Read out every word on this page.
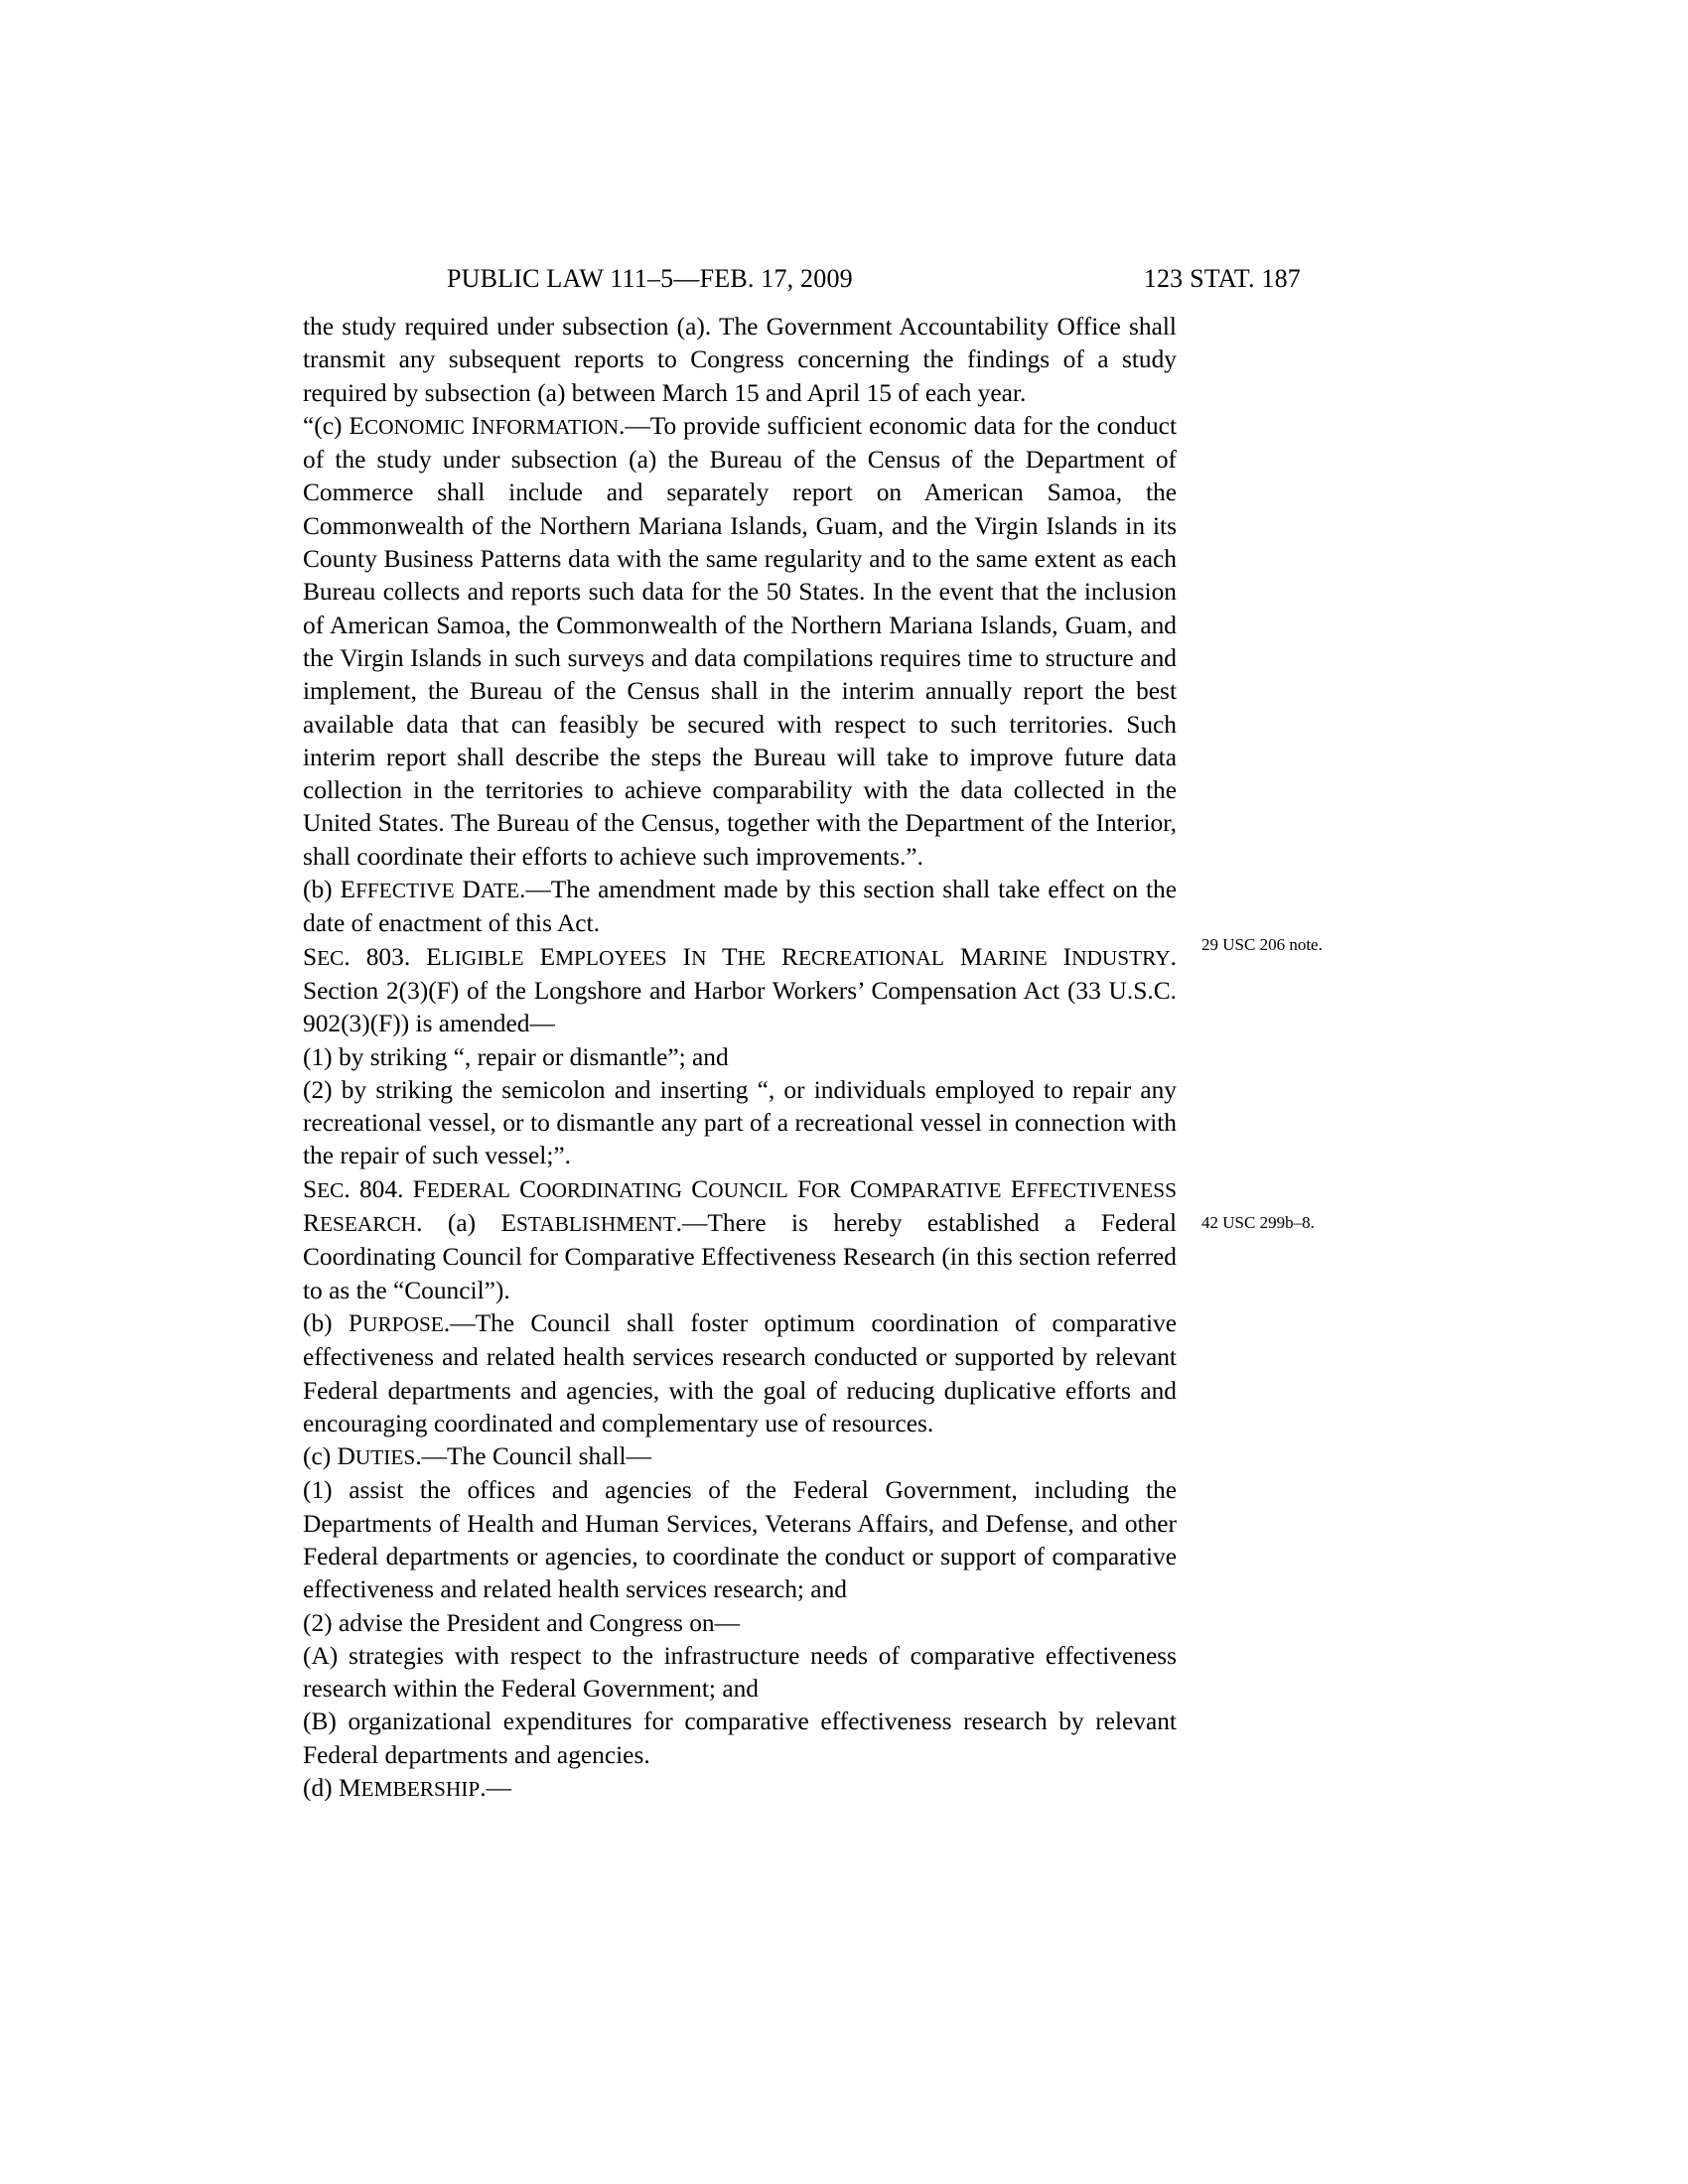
PUBLIC LAW 111–5—FEB. 17, 2009	123 STAT. 187

the study required under subsection (a). The Government Accountability Office shall transmit any subsequent reports to Congress concerning the findings of a study required by subsection (a) between March 15 and April 15 of each year.

“(c) ECONOMIC INFORMATION.—To provide sufficient economic data for the conduct of the study under subsection (a) the Bureau of the Census of the Department of Commerce shall include and separately report on American Samoa, the Commonwealth of the Northern Mariana Islands, Guam, and the Virgin Islands in its County Business Patterns data with the same regularity and to the same extent as each Bureau collects and reports such data for the 50 States. In the event that the inclusion of American Samoa, the Commonwealth of the Northern Mariana Islands, Guam, and the Virgin Islands in such surveys and data compilations requires time to structure and implement, the Bureau of the Census shall in the interim annually report the best available data that can feasibly be secured with respect to such territories. Such interim report shall describe the steps the Bureau will take to improve future data collection in the territories to achieve comparability with the data collected in the United States. The Bureau of the Census, together with the Department of the Interior, shall coordinate their efforts to achieve such improvements.”.

(b) EFFECTIVE DATE.—The amendment made by this section shall take effect on the date of enactment of this Act.

SEC. 803. ELIGIBLE EMPLOYEES IN THE RECREATIONAL MARINE INDUSTRY. Section 2(3)(F) of the Longshore and Harbor Workers’ Compensation Act (33 U.S.C. 902(3)(F)) is amended—

(1) by striking “, repair or dismantle”; and

(2) by striking the semicolon and inserting “, or individuals employed to repair any recreational vessel, or to dismantle any part of a recreational vessel in connection with the repair of such vessel;”.

SEC. 804. FEDERAL COORDINATING COUNCIL FOR COMPARATIVE EFFECTIVENESS RESEARCH. (a) ESTABLISHMENT.—There is hereby established a Federal Coordinating Council for Comparative Effectiveness Research (in this section referred to as the “Council”).

(b) PURPOSE.—The Council shall foster optimum coordination of comparative effectiveness and related health services research conducted or supported by relevant Federal departments and agencies, with the goal of reducing duplicative efforts and encouraging coordinated and complementary use of resources.

(c) DUTIES.—The Council shall—

(1) assist the offices and agencies of the Federal Government, including the Departments of Health and Human Services, Veterans Affairs, and Defense, and other Federal departments or agencies, to coordinate the conduct or support of comparative effectiveness and related health services research; and

(2) advise the President and Congress on—

(A) strategies with respect to the infrastructure needs of comparative effectiveness research within the Federal Government; and

(B) organizational expenditures for comparative effectiveness research by relevant Federal departments and agencies.

(d) MEMBERSHIP.—

29 USC 206 note.
42 USC 299b–8.
